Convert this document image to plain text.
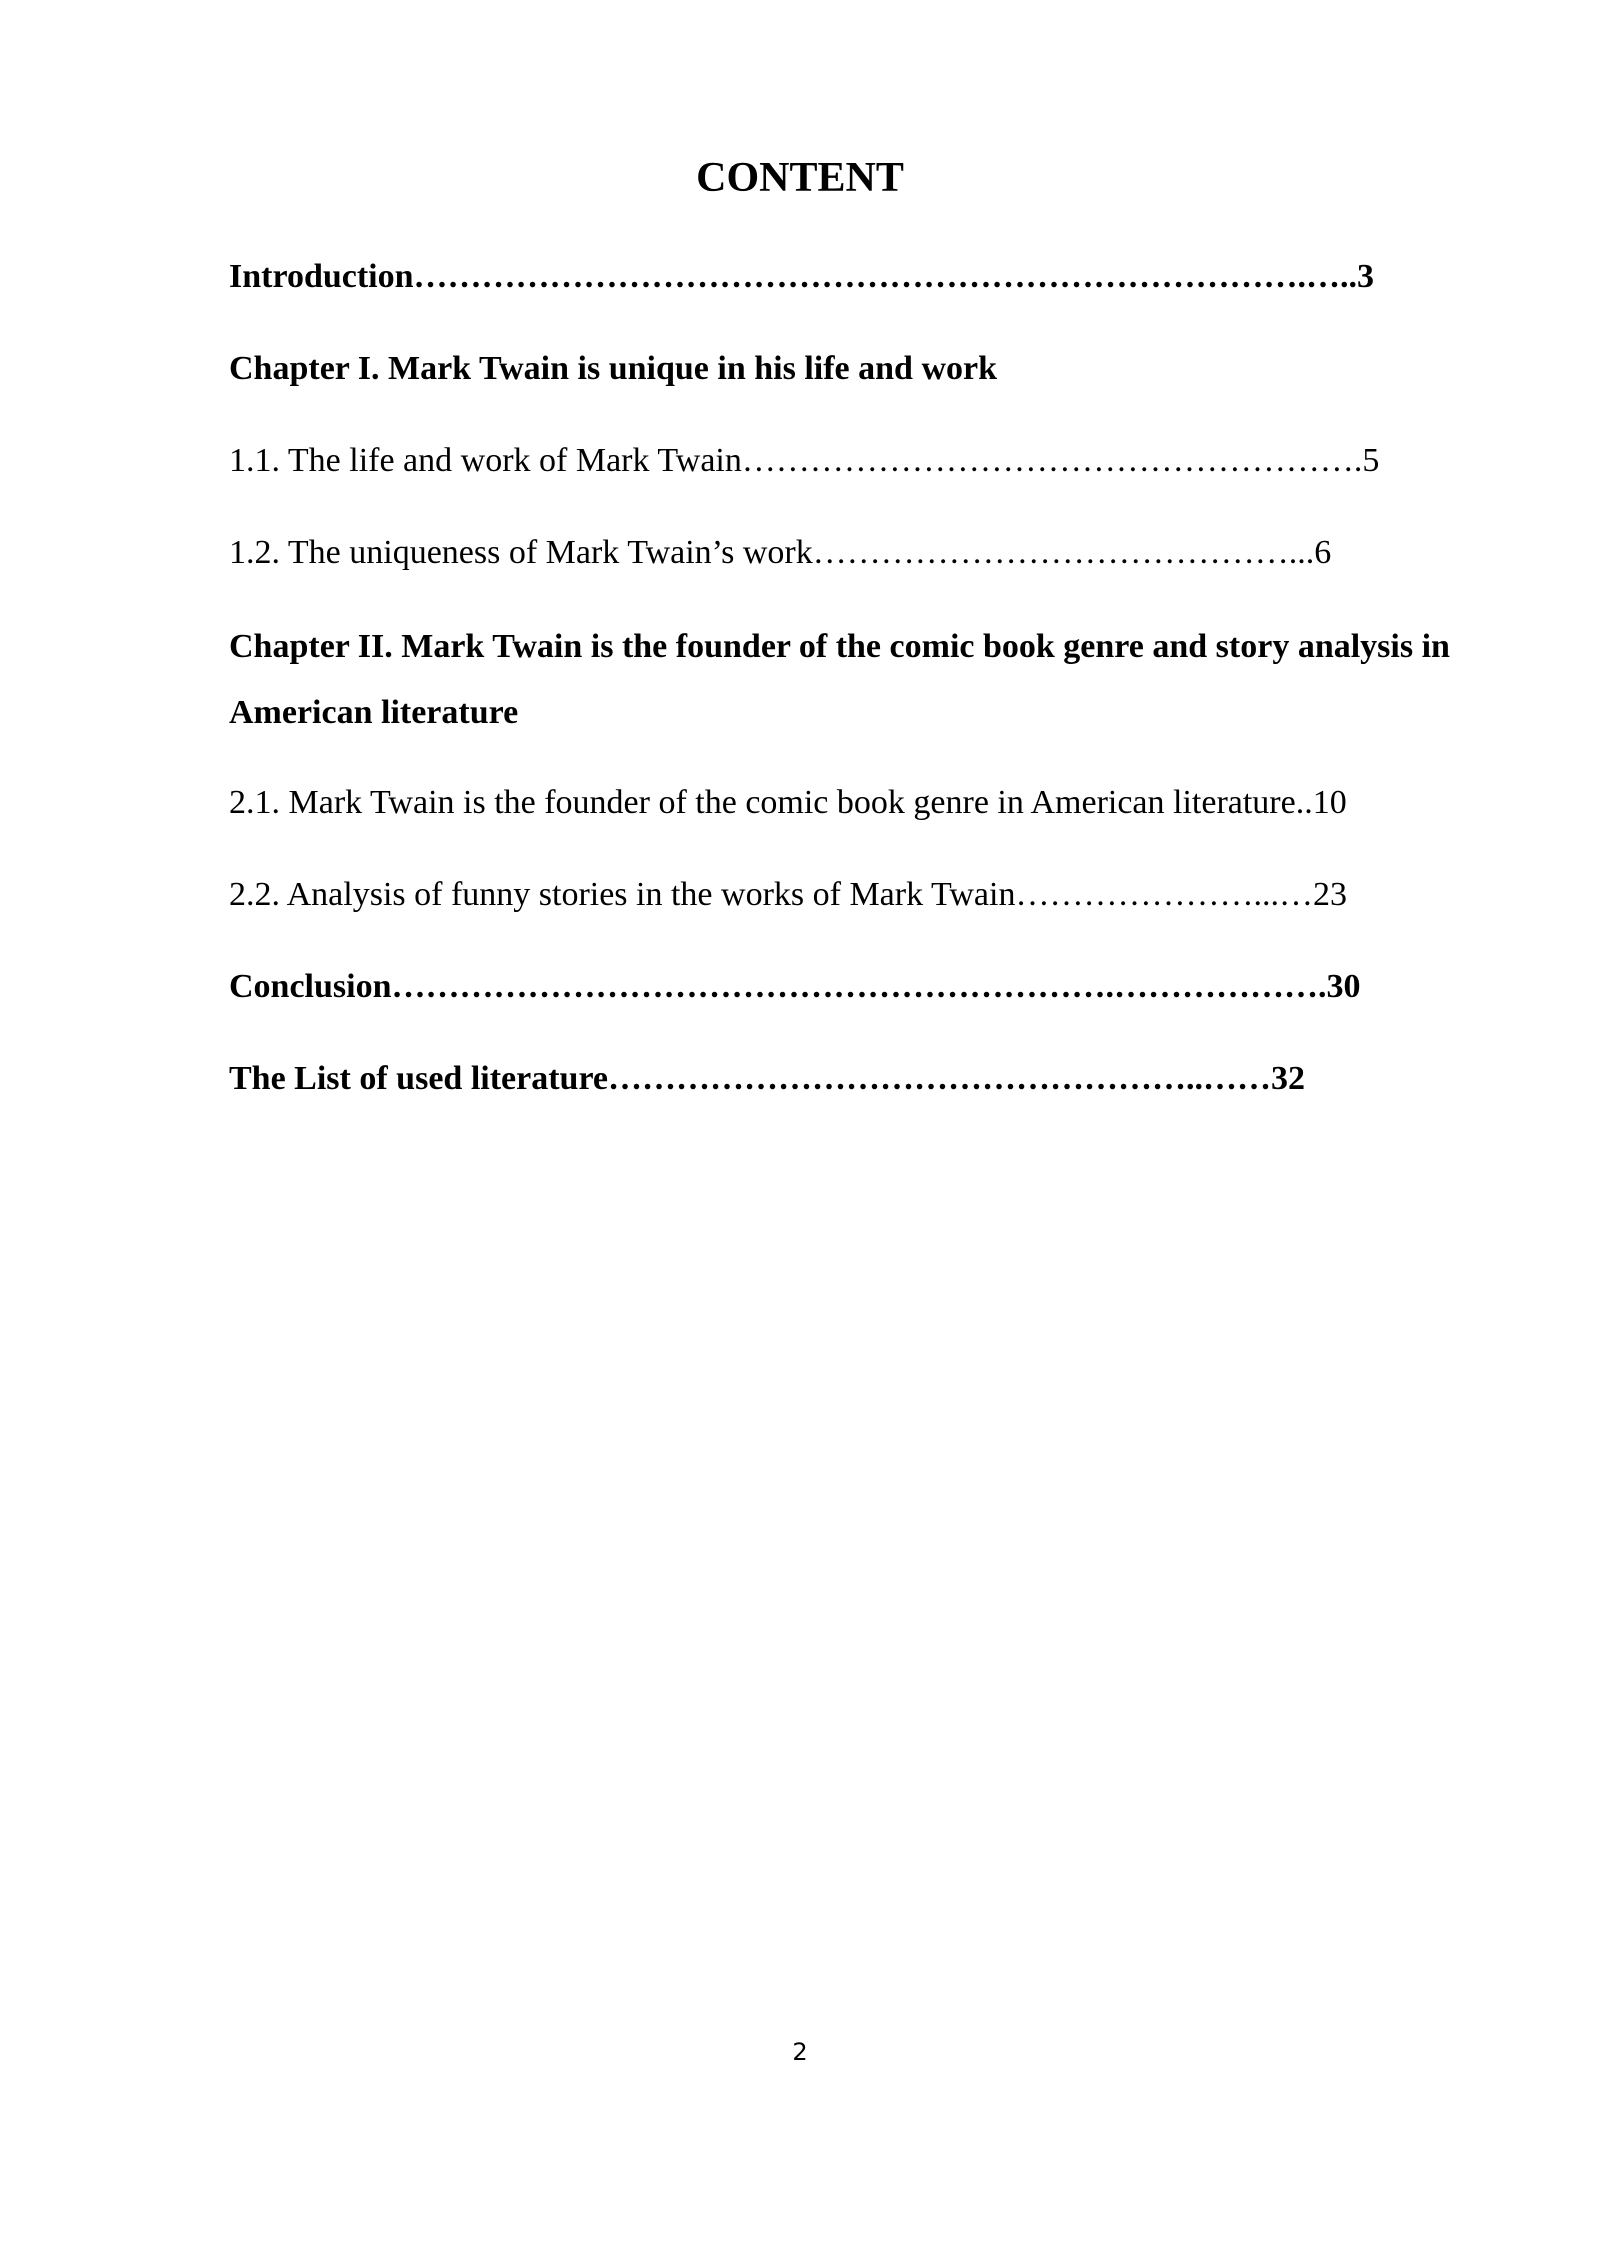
CONTENT
Introduction…………………………………………………………………….…..3
Chapter I. Mark Twain is unique in his life and work
1.1. The life and work of Mark Twain……………………………………………….5
1.2. The uniqueness of Mark Twain’s work……………………………………...6
Chapter II. Mark Twain is the founder of the comic book genre and story analysis in American literature
2.1. Mark Twain is the founder of the comic book genre in American literature..10
2.2. Analysis of funny stories in the works of Mark Twain…………………...…23
Conclusion……………………………………………………….……………….30
The List of used literature……………………………………………..……32
2
